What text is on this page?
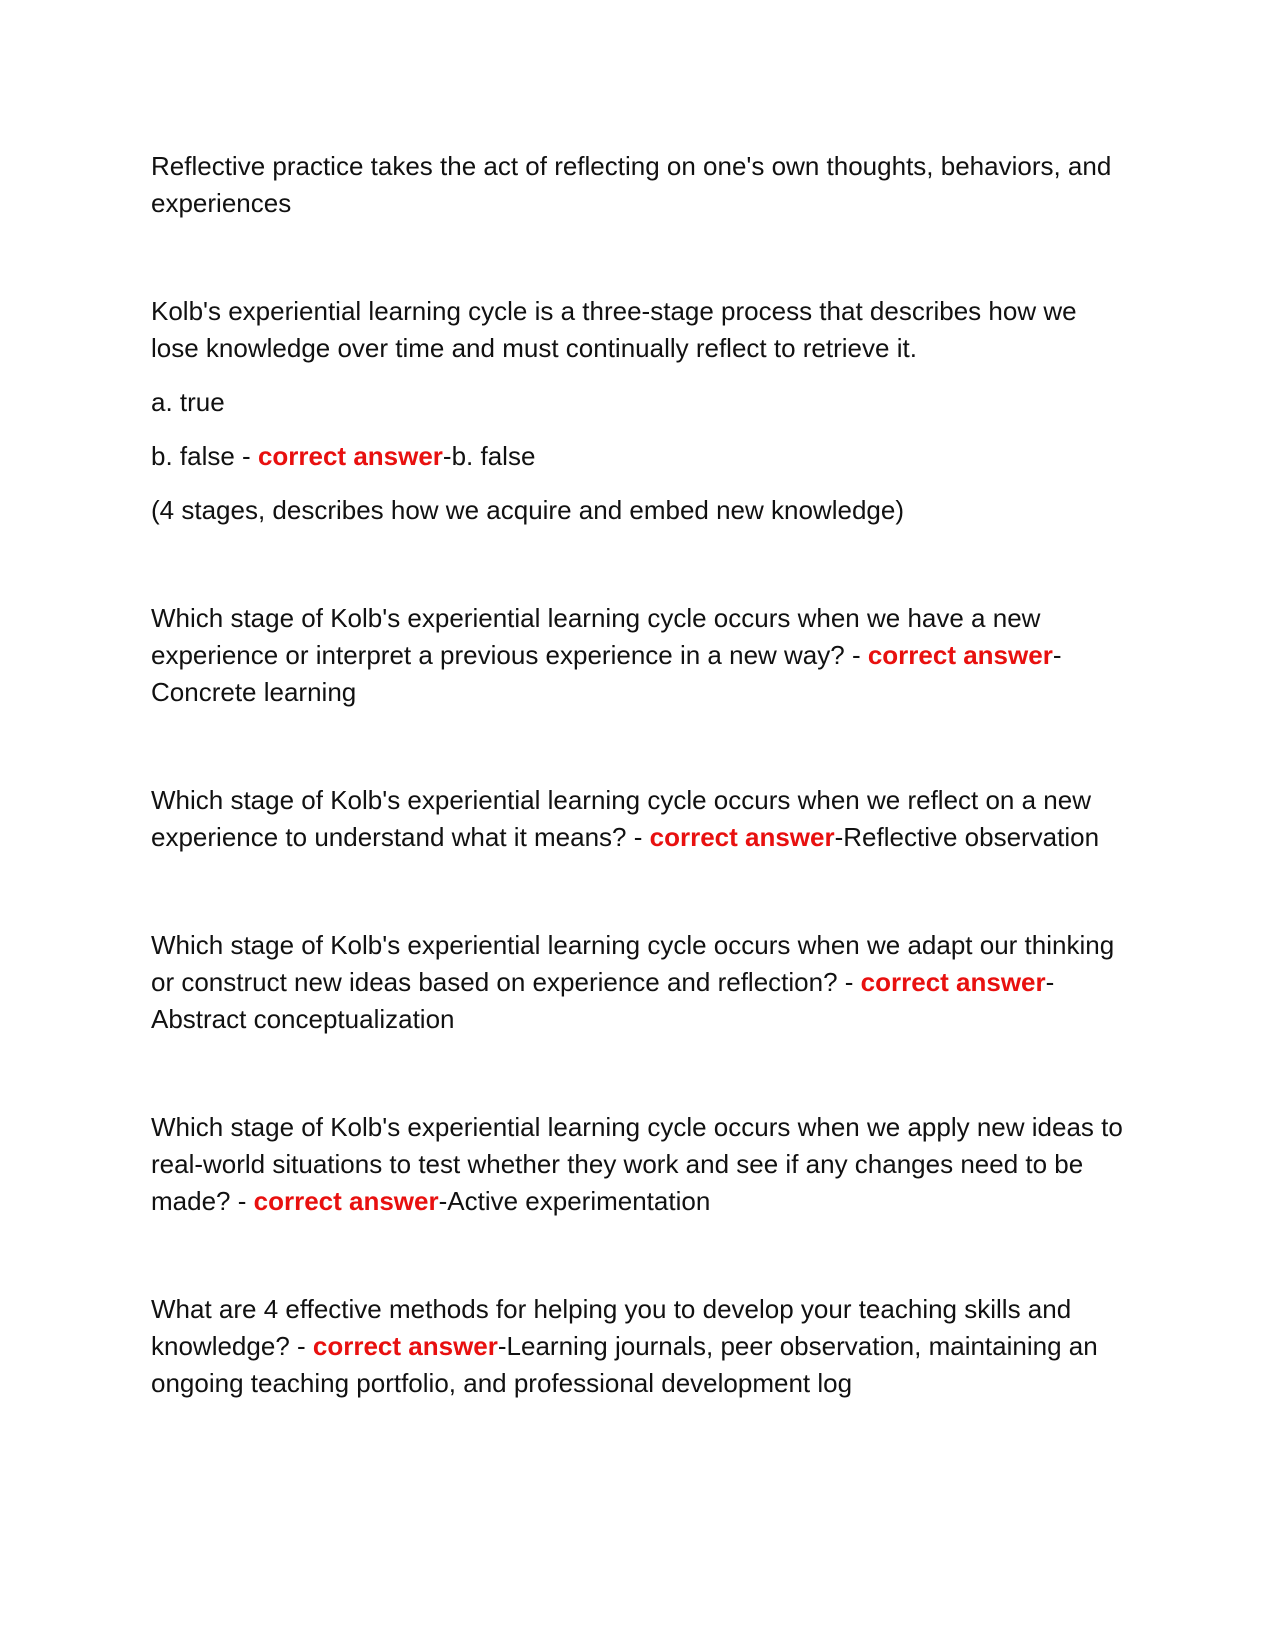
Reflective practice takes the act of reflecting on one's own thoughts, behaviors, and experiences

Kolb's experiential learning cycle is a three-stage process that describes how we lose knowledge over time and must continually reflect to retrieve it.

a. true

b. false - correct answer-b. false

(4 stages, describes how we acquire and embed new knowledge)

Which stage of Kolb's experiential learning cycle occurs when we have a new experience or interpret a previous experience in a new way? - correct answer-Concrete learning

Which stage of Kolb's experiential learning cycle occurs when we reflect on a new experience to understand what it means? - correct answer-Reflective observation

Which stage of Kolb's experiential learning cycle occurs when we adapt our thinking or construct new ideas based on experience and reflection? - correct answer-Abstract conceptualization

Which stage of Kolb's experiential learning cycle occurs when we apply new ideas to real-world situations to test whether they work and see if any changes need to be made? - correct answer-Active experimentation

What are 4 effective methods for helping you to develop your teaching skills and knowledge? - correct answer-Learning journals, peer observation, maintaining an ongoing teaching portfolio, and professional development log
